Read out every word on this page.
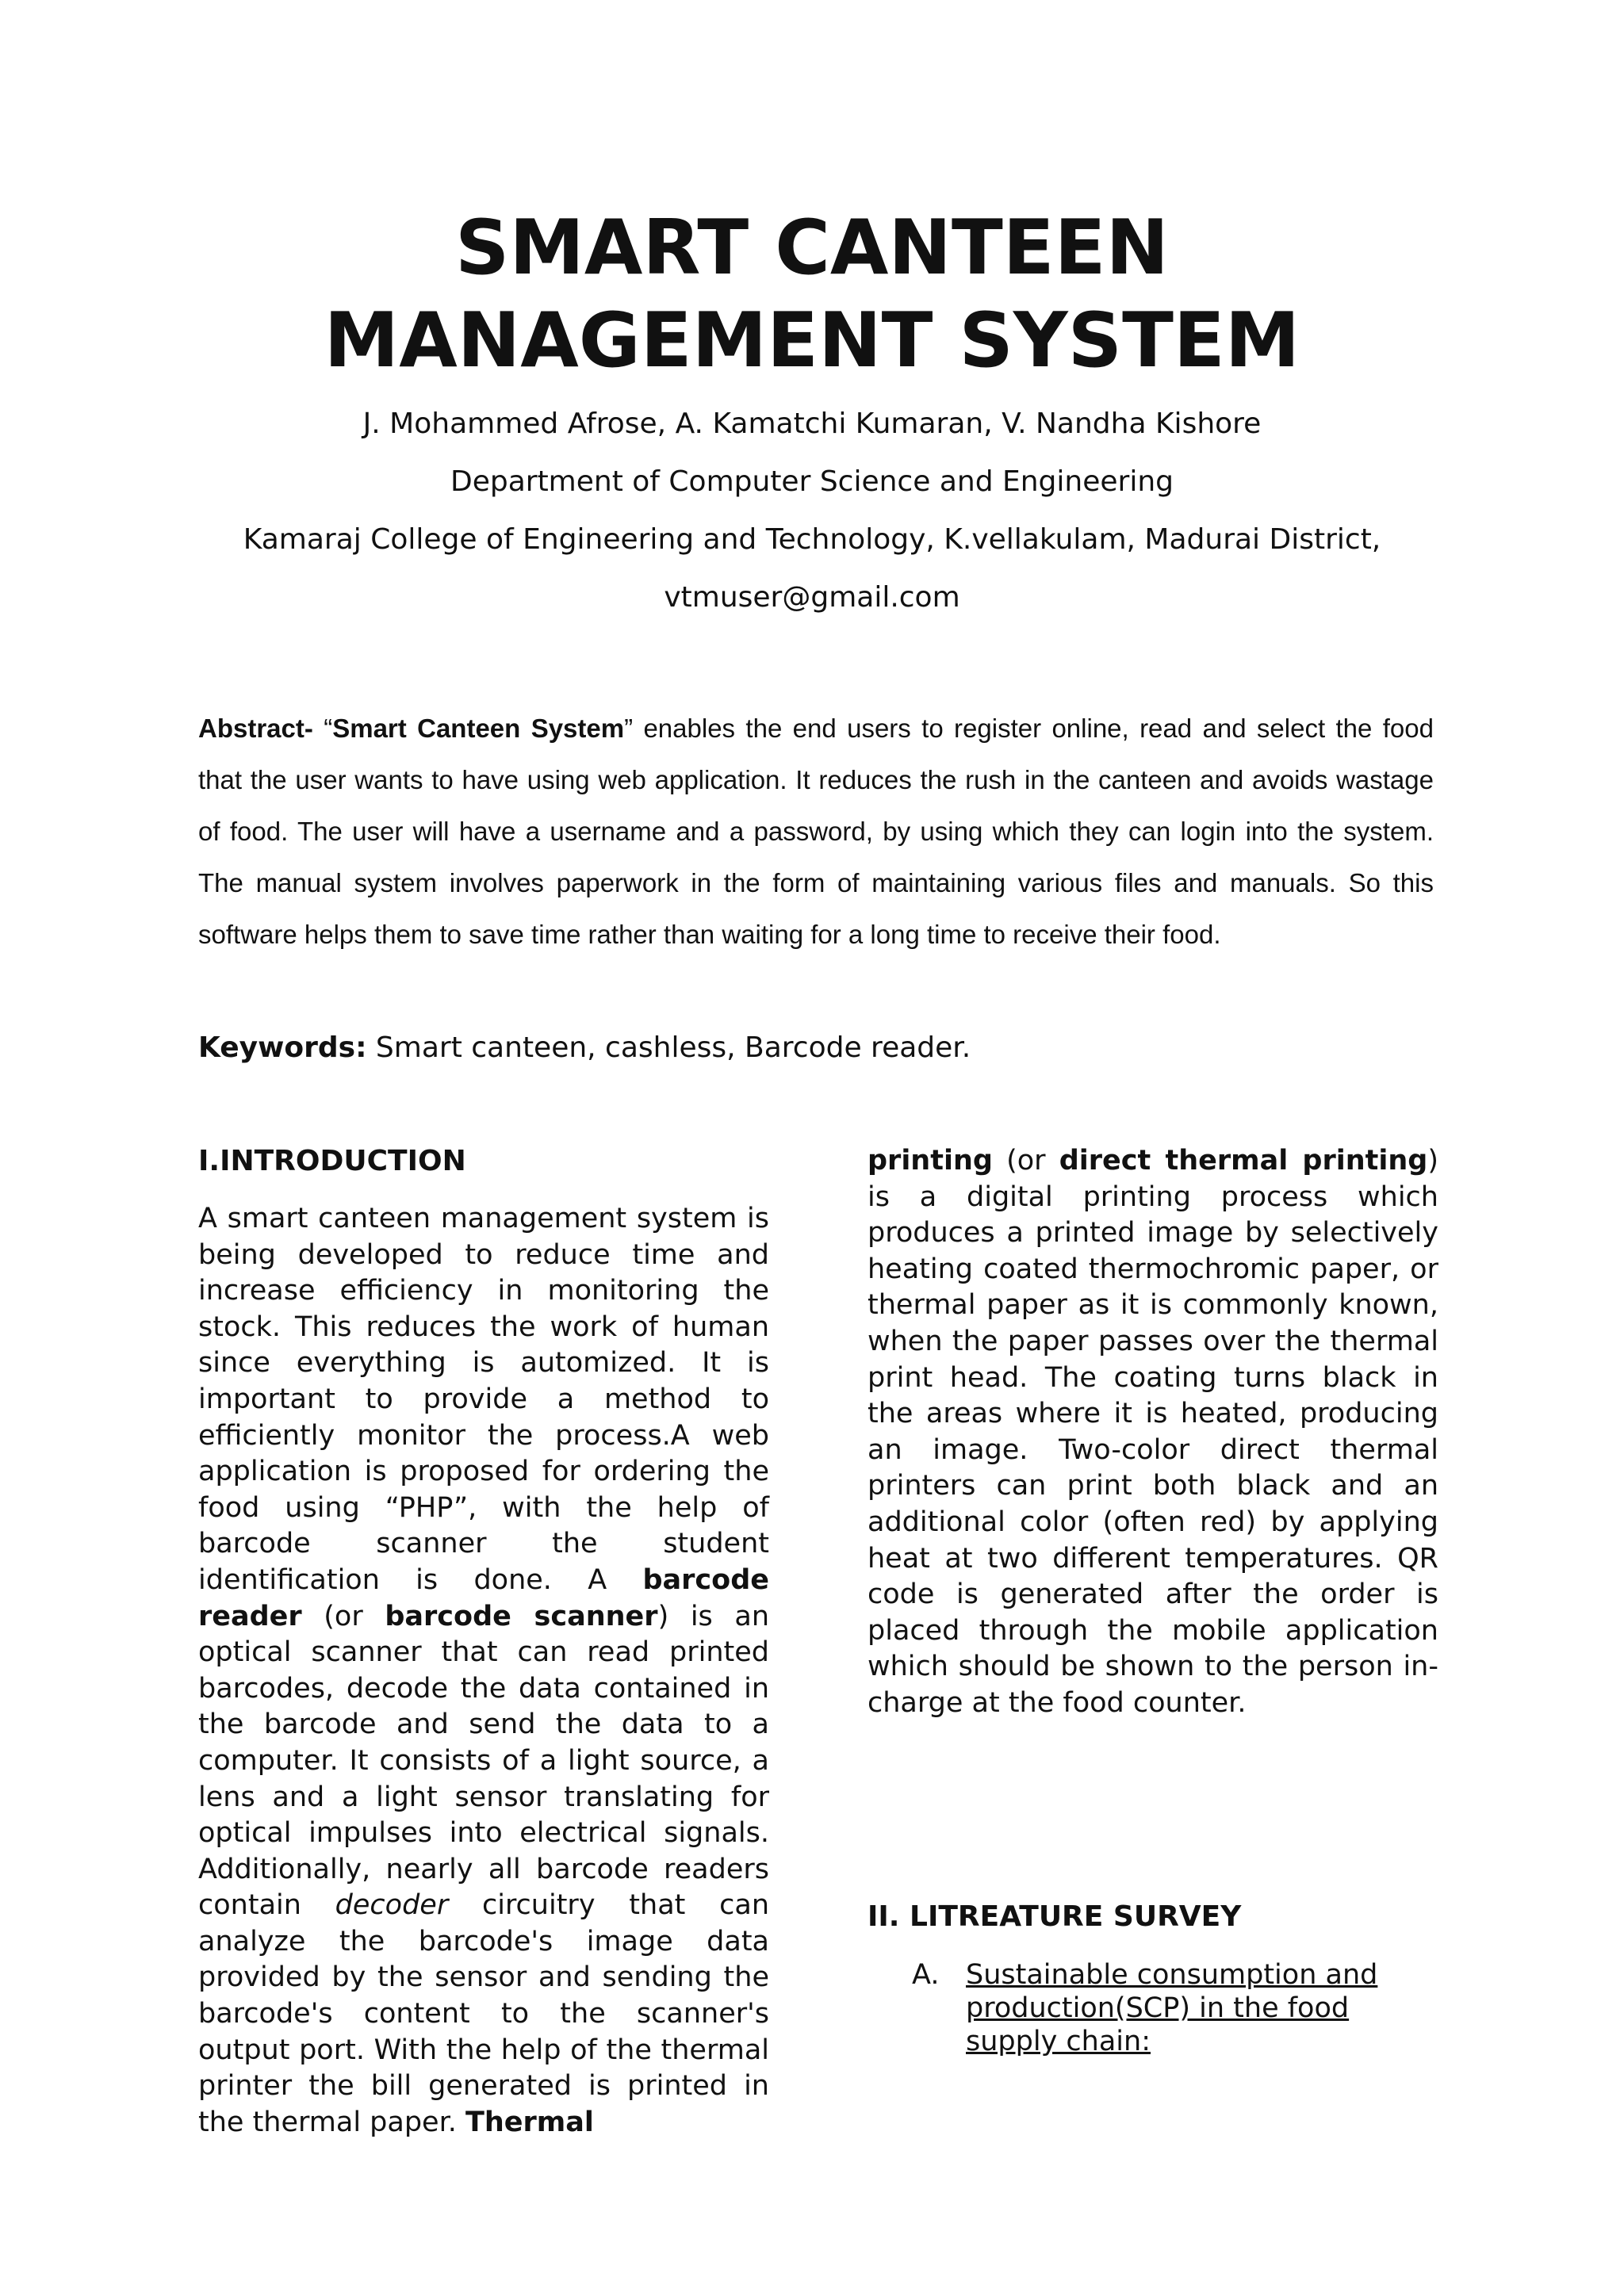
SMART CANTEEN
MANAGEMENT SYSTEM

J. Mohammed Afrose, A. Kamatchi Kumaran, V. Nandha Kishore

Department of Computer Science and Engineering

Kamaraj College of Engineering and Technology, K.vellakulam, Madurai District,

vtmuser@gmail.com

Abstract- “Smart Canteen System” enables the end users to register online, read and select the food that the user wants to have using web application. It reduces the rush in the canteen and avoids wastage of food. The user will have a username and a password, by using which they can login into the system. The manual system involves paperwork in the form of maintaining various files and manuals. So this software helps them to save time rather than waiting for a long time to receive their food.

Keywords: Smart canteen, cashless, Barcode reader.

I.INTRODUCTION

A smart canteen management system is being developed to reduce time and increase efficiency in monitoring the stock. This reduces the work of human since everything is automized. It is important to provide a method to efficiently monitor the process.A web application is proposed for ordering the food using “PHP”, with the help of barcode scanner the student identification is done. A barcode reader (or barcode scanner) is an optical scanner that can read printed barcodes, decode the data contained in the barcode and send the data to a computer. It consists of a light source, a lens and a light sensor translating for optical impulses into electrical signals. Additionally, nearly all barcode readers contain decoder circuitry that can analyze the barcode's image data provided by the sensor and sending the barcode's content to the scanner's output port. With the help of the thermal printer the bill generated is printed in the thermal paper. Thermal

printing (or direct thermal printing) is a digital printing process which produces a printed image by selectively heating coated thermochromic paper, or thermal paper as it is commonly known, when the paper passes over the thermal print head. The coating turns black in the areas where it is heated, producing an image. Two-color direct thermal printers can print both black and an additional color (often red) by applying heat at two different temperatures. QR code is generated after the order is placed through the mobile application which should be shown to the person in-charge at the food counter.

II. LITREATURE SURVEY

A. Sustainable consumption and production(SCP) in the food supply chain:
